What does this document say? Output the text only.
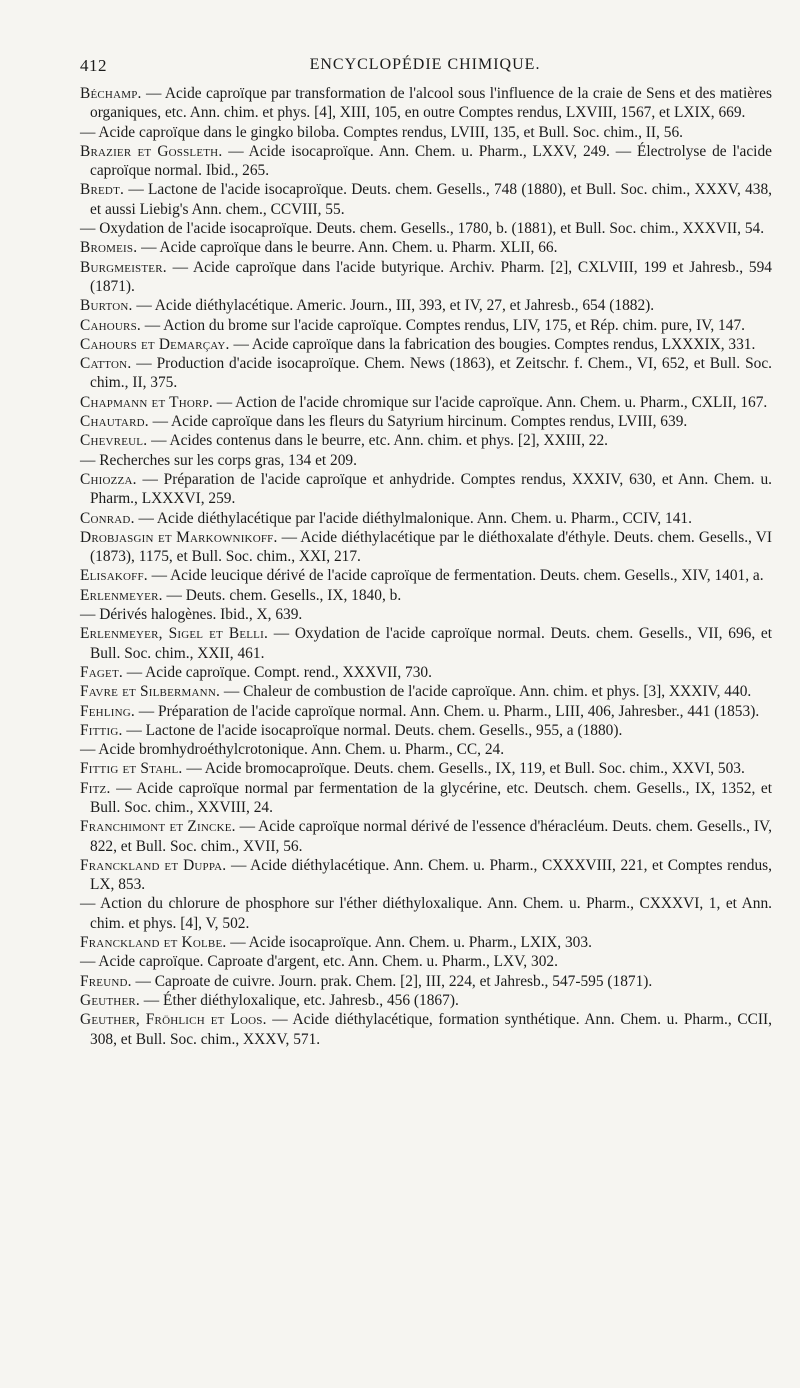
412	ENCYCLOPÉDIE CHIMIQUE.
Béchamp. — Acide caproïque par transformation de l'alcool sous l'influence de la craie de Sens et des matières organiques, etc. Ann. chim. et phys. [4], XIII, 105, en outre Comptes rendus, LXVIII, 1567, et LXIX, 669.
— Acide caproïque dans le gingko biloba. Comptes rendus, LVIII, 135, et Bull. Soc. chim., II, 56.
Brazier et Gossleth. — Acide isocaproïque. Ann. Chem. u. Pharm., LXXV, 249. — Électrolyse de l'acide caproïque normal. Ibid., 265.
Bredt. — Lactone de l'acide isocaproïque. Deuts. chem. Gesells., 748 (1880), et Bull. Soc. chim., XXXV, 438, et aussi Liebig's Ann. chem., CCVIII, 55.
— Oxydation de l'acide isocaproïque. Deuts. chem. Gesells., 1780, b. (1881), et Bull. Soc. chim., XXXVII, 54.
Bromeis. — Acide caproïque dans le beurre. Ann. Chem. u. Pharm. XLII, 66.
Burgmeister. — Acide caproïque dans l'acide butyrique. Archiv. Pharm. [2], CXLVIII, 199 et Jahresb., 594 (1871).
Burton. — Acide diéthylacétique. Americ. Journ., III, 393, et IV, 27, et Jahresb., 654 (1882).
Cahours. — Action du brome sur l'acide caproïque. Comptes rendus, LIV, 175, et Rép. chim. pure, IV, 147.
Cahours et Demarçay. — Acide caproïque dans la fabrication des bougies. Comptes rendus, LXXXIX, 331.
Catton. — Production d'acide isocaproïque. Chem. News (1863), et Zeitschr. f. Chem., VI, 652, et Bull. Soc. chim., II, 375.
Chapmann et Thorp. — Action de l'acide chromique sur l'acide caproïque. Ann. Chem. u. Pharm., CXLII, 167.
Chautard. — Acide caproïque dans les fleurs du Satyrium hircinum. Comptes rendus, LVIII, 639.
Chevreul. — Acides contenus dans le beurre, etc. Ann. chim. et phys. [2], XXIII, 22.
— Recherches sur les corps gras, 134 et 209.
Chiozza. — Préparation de l'acide caproïque et anhydride. Comptes rendus, XXXIV, 630, et Ann. Chem. u. Pharm., LXXXVI, 259.
Conrad. — Acide diéthylacétique par l'acide diéthylmalonique. Ann. Chem. u. Pharm., CCIV, 141.
Drobjasgin et Markownikoff. — Acide diéthylacétique par le diéthoxalate d'éthyle. Deuts. chem. Gesells., VI (1873), 1175, et Bull. Soc. chim., XXI, 217.
Elisakoff. — Acide leucique dérivé de l'acide caproïque de fermentation. Deuts. chem. Gesells., XIV, 1401, a.
Erlenmeyer. — Deuts. chem. Gesells., IX, 1840, b.
— Dérivés halogènes. Ibid., X, 639.
Erlenmeyer, Sigel et Belli. — Oxydation de l'acide caproïque normal. Deuts. chem. Gesells., VII, 696, et Bull. Soc. chim., XXII, 461.
Faget. — Acide caproïque. Compt. rend., XXXVII, 730.
Favre et Silbermann. — Chaleur de combustion de l'acide caproïque. Ann. chim. et phys. [3], XXXIV, 440.
Fehling. — Préparation de l'acide caproïque normal. Ann. Chem. u. Pharm., LIII, 406, Jahresber., 441 (1853).
Fittig. — Lactone de l'acide isocaproïque normal. Deuts. chem. Gesells., 955, a (1880).
— Acide bromhydroéthylcrotonique. Ann. Chem. u. Pharm., CC, 24.
Fittig et Stahl. — Acide bromocaproïque. Deuts. chem. Gesells., IX, 119, et Bull. Soc. chim., XXVI, 503.
Fitz. — Acide caproïque normal par fermentation de la glycérine, etc. Deutsch. chem. Gesells., IX, 1352, et Bull. Soc. chim., XXVIII, 24.
Franchimont et Zincke. — Acide caproïque normal dérivé de l'essence d'héracléum. Deuts. chem. Gesells., IV, 822, et Bull. Soc. chim., XVII, 56.
Franckland et Duppa. — Acide diéthylacétique. Ann. Chem. u. Pharm., CXXXVIII, 221, et Comptes rendus, LX, 853.
— Action du chlorure de phosphore sur l'éther diéthyloxalique. Ann. Chem. u. Pharm., CXXXVI, 1, et Ann. chim. et phys. [4], V, 502.
Franckland et Kolbe. — Acide isocaproïque. Ann. Chem. u. Pharm., LXIX, 303.
— Acide caproïque. Caproate d'argent, etc. Ann. Chem. u. Pharm., LXV, 302.
Freund. — Caproate de cuivre. Journ. prak. Chem. [2], III, 224, et Jahresb., 547-595 (1871).
Geuther. — Éther diéthyloxalique, etc. Jahresb., 456 (1867).
Geuther, Fröhlich et Loos. — Acide diéthylacétique, formation synthétique. Ann. Chem. u. Pharm., CCII, 308, et Bull. Soc. chim., XXXV, 571.
